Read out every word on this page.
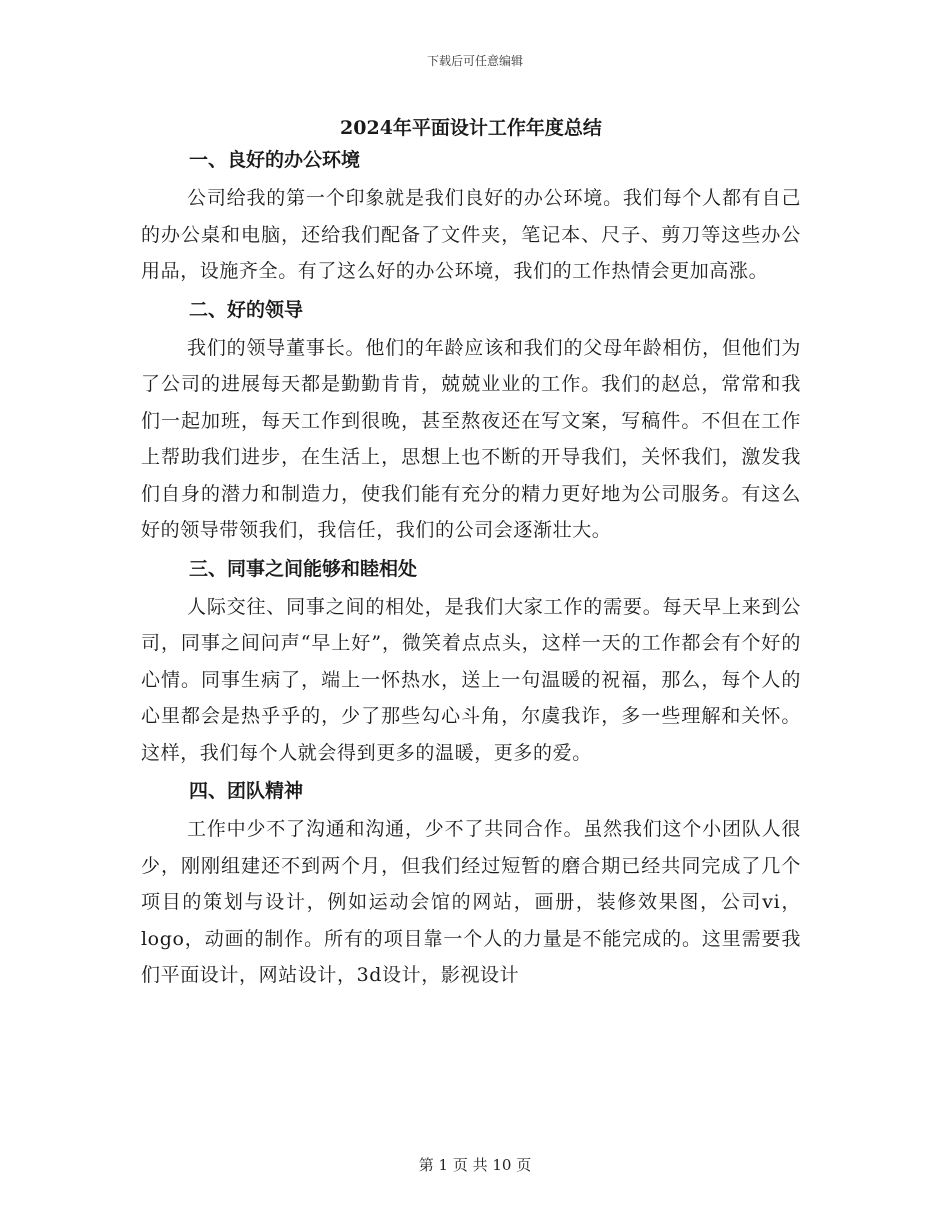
下载后可任意编辑
2024年平面设计工作年度总结
一、良好的办公环境

公司给我的第一个印象就是我们良好的办公环境。我们每个人都有自己的办公桌和电脑，还给我们配备了文件夹，笔记本、尺子、剪刀等这些办公用品，设施齐全。有了这么好的办公环境，我们的工作热情会更加高涨。

二、好的领导

我们的领导董事长。他们的年龄应该和我们的父母年龄相仿，但他们为了公司的进展每天都是勤勤肯肯，兢兢业业的工作。我们的赵总，常常和我们一起加班，每天工作到很晚，甚至熬夜还在写文案，写稿件。不但在工作上帮助我们进步，在生活上，思想上也不断的开导我们，关怀我们，激发我们自身的潜力和制造力，使我们能有充分的精力更好地为公司服务。有这么好的领导带领我们，我信任，我们的公司会逐渐壮大。

三、同事之间能够和睦相处

人际交往、同事之间的相处，是我们大家工作的需要。每天早上来到公司，同事之间问声“早上好”，微笑着点点头，这样一天的工作都会有个好的心情。同事生病了，端上一怀热水，送上一句温暖的祝福，那么，每个人的心里都会是热乎乎的，少了那些勾心斗角，尔虞我诈，多一些理解和关怀。这样，我们每个人就会得到更多的温暖，更多的爱。

四、团队精神

工作中少不了沟通和沟通，少不了共同合作。虽然我们这个小团队人很少，刚刚组建还不到两个月，但我们经过短暂的磨合期已经共同完成了几个项目的策划与设计，例如运动会馆的网站，画册，装修效果图，公司vi，logo，动画的制作。所有的项目靠一个人的力量是不能完成的。这里需要我们平面设计，网站设计，3d设计，影视设计

第 1 页 共 10 页
